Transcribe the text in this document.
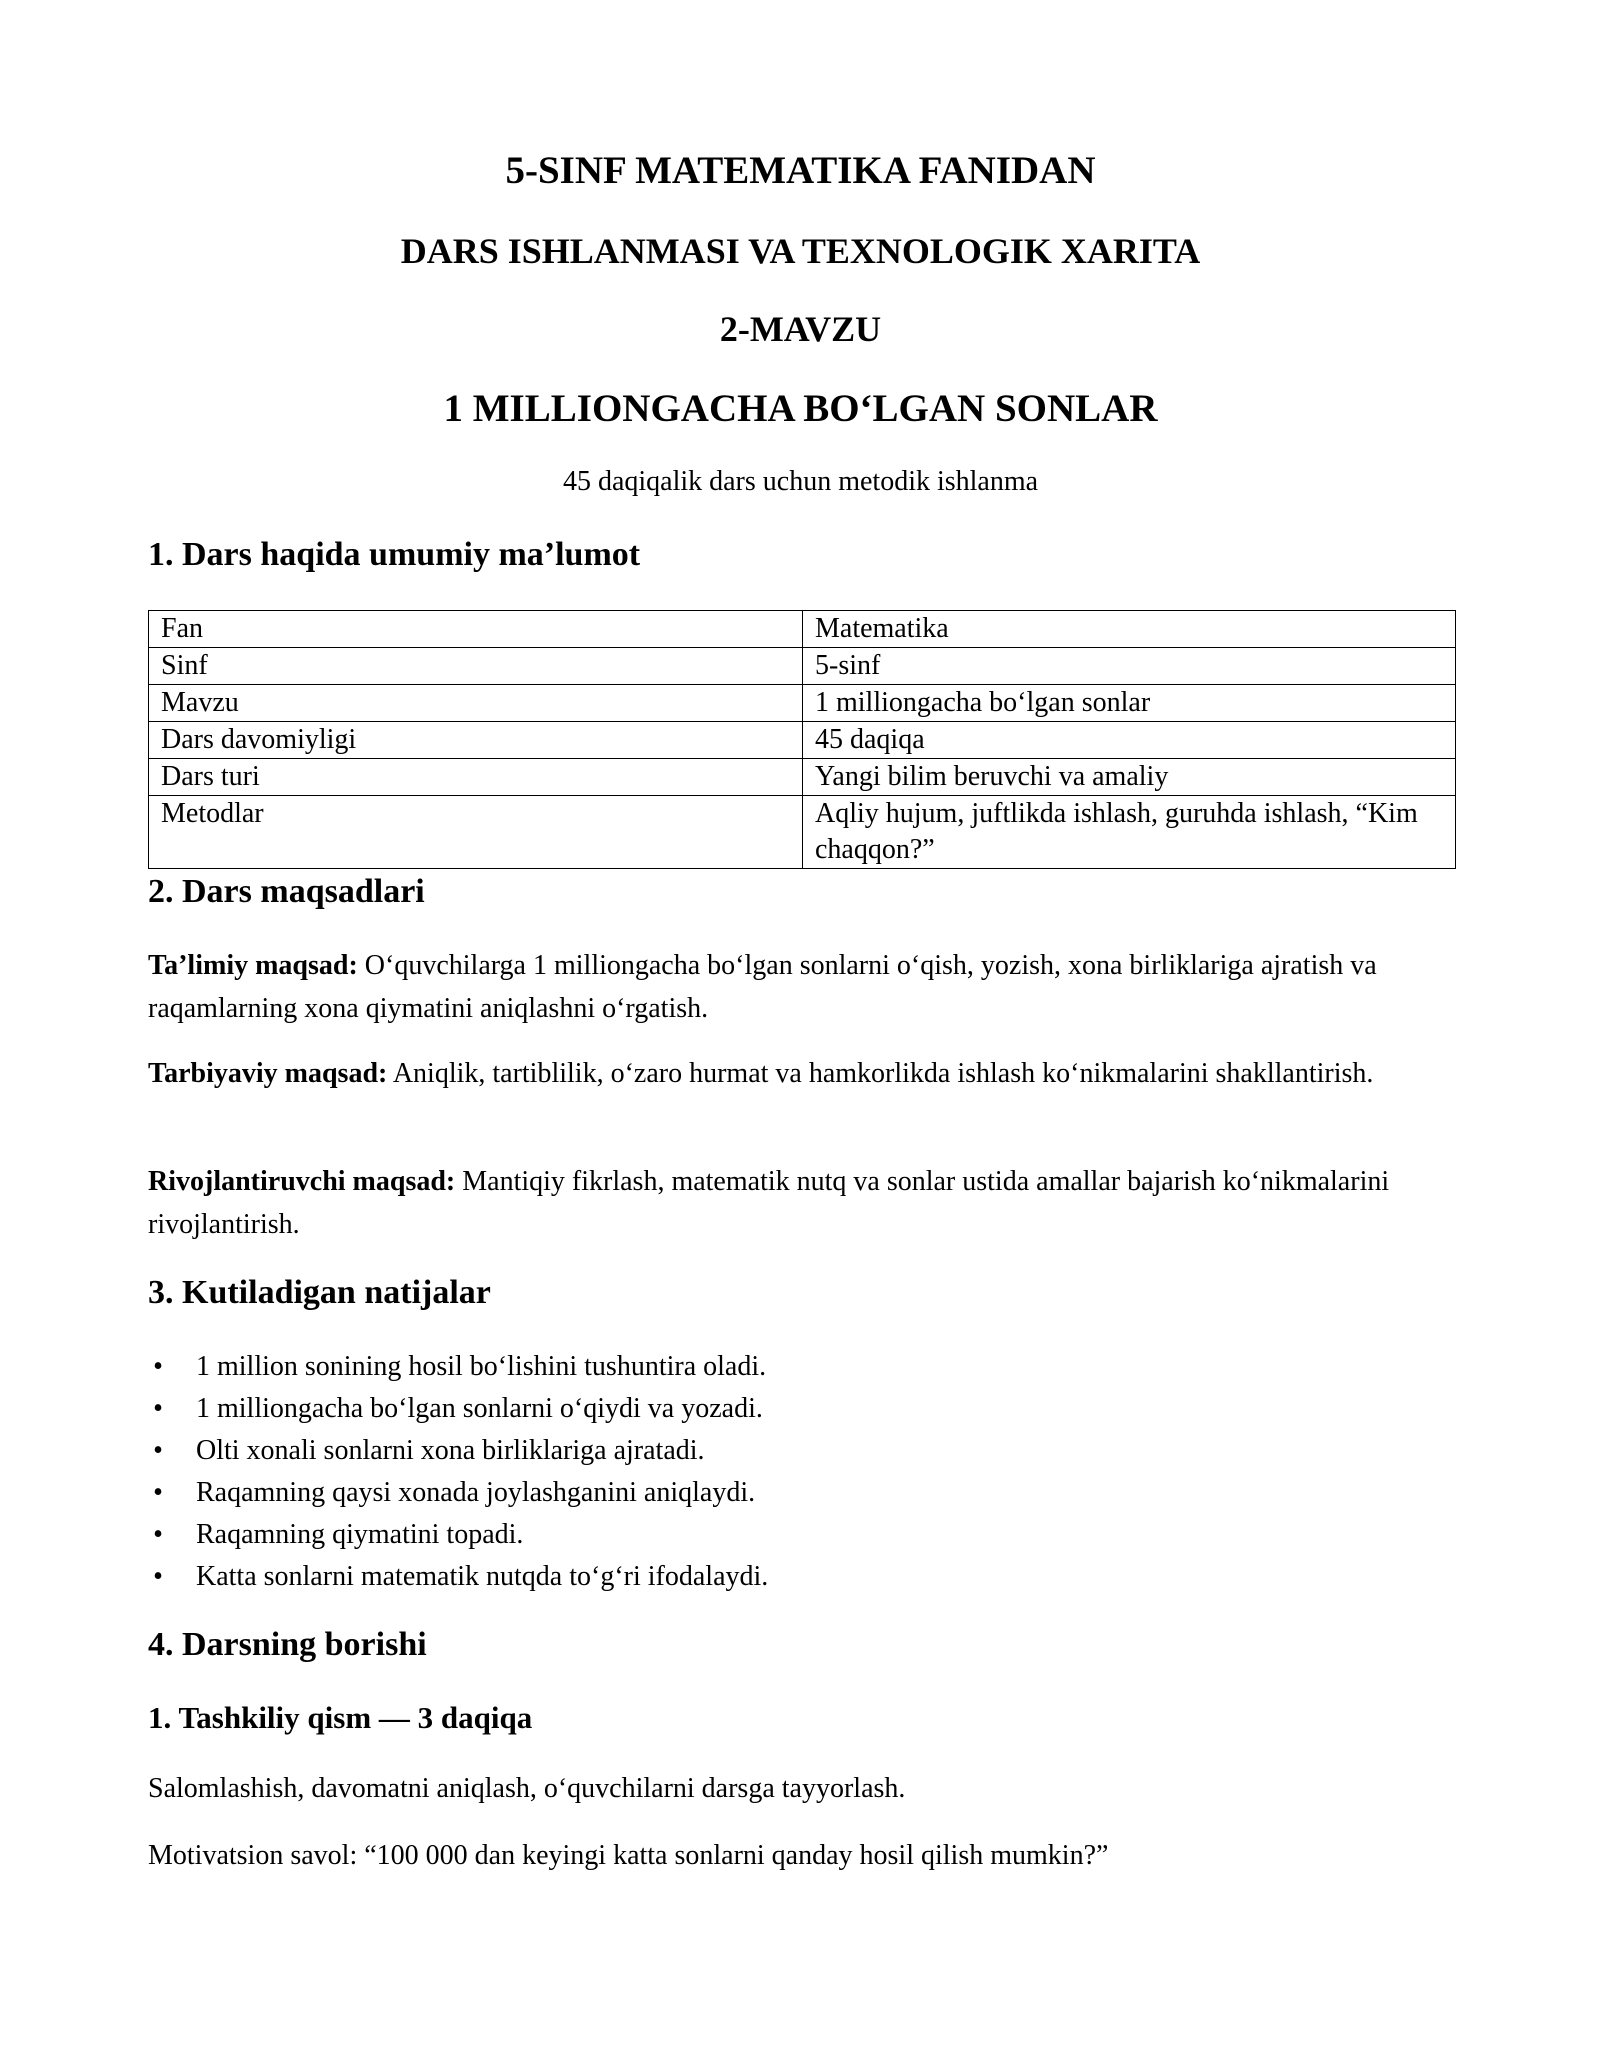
5-SINF MATEMATIKA FANIDAN
DARS ISHLANMASI VA TEXNOLOGIK XARITA
2-MAVZU
1 MILLIONGACHA BO‘LGAN SONLAR

45 daqiqalik dars uchun metodik ishlanma

1. Dars haqida umumiy ma’lumot
Fan	Matematika
Sinf	5-sinf
Mavzu	1 milliongacha bo‘lgan sonlar
Dars davomiyligi	45 daqiqa
Dars turi	Yangi bilim beruvchi va amaliy
Metodlar	Aqliy hujum, juftlikda ishlash, guruhda ishlash, “Kim chaqqon?”
2. Dars maqsadlari

Ta’limiy maqsad: O‘quvchilarga 1 milliongacha bo‘lgan sonlarni o‘qish, yozish, xona birliklariga ajratish va raqamlarning xona qiymatini aniqlashni o‘rgatish.

Tarbiyaviy maqsad: Aniqlik, tartiblilik, o‘zaro hurmat va hamkorlikda ishlash ko‘nikmalarini shakllantirish.

Rivojlantiruvchi maqsad: Mantiqiy fikrlash, matematik nutq va sonlar ustida amallar bajarish ko‘nikmalarini rivojlantirish.

3. Kutiladigan natijalar
• 1 million sonining hosil bo‘lishini tushuntira oladi.
• 1 milliongacha bo‘lgan sonlarni o‘qiydi va yozadi.
• Olti xonali sonlarni xona birliklariga ajratadi.
• Raqamning qaysi xonada joylashganini aniqlaydi.
• Raqamning qiymatini topadi.
• Katta sonlarni matematik nutqda to‘g‘ri ifodalaydi.
4. Darsning borishi
1. Tashkiliy qism — 3 daqiqa

Salomlashish, davomatni aniqlash, o‘quvchilarni darsga tayyorlash.

Motivatsion savol: “100 000 dan keyingi katta sonlarni qanday hosil qilish mumkin?”
